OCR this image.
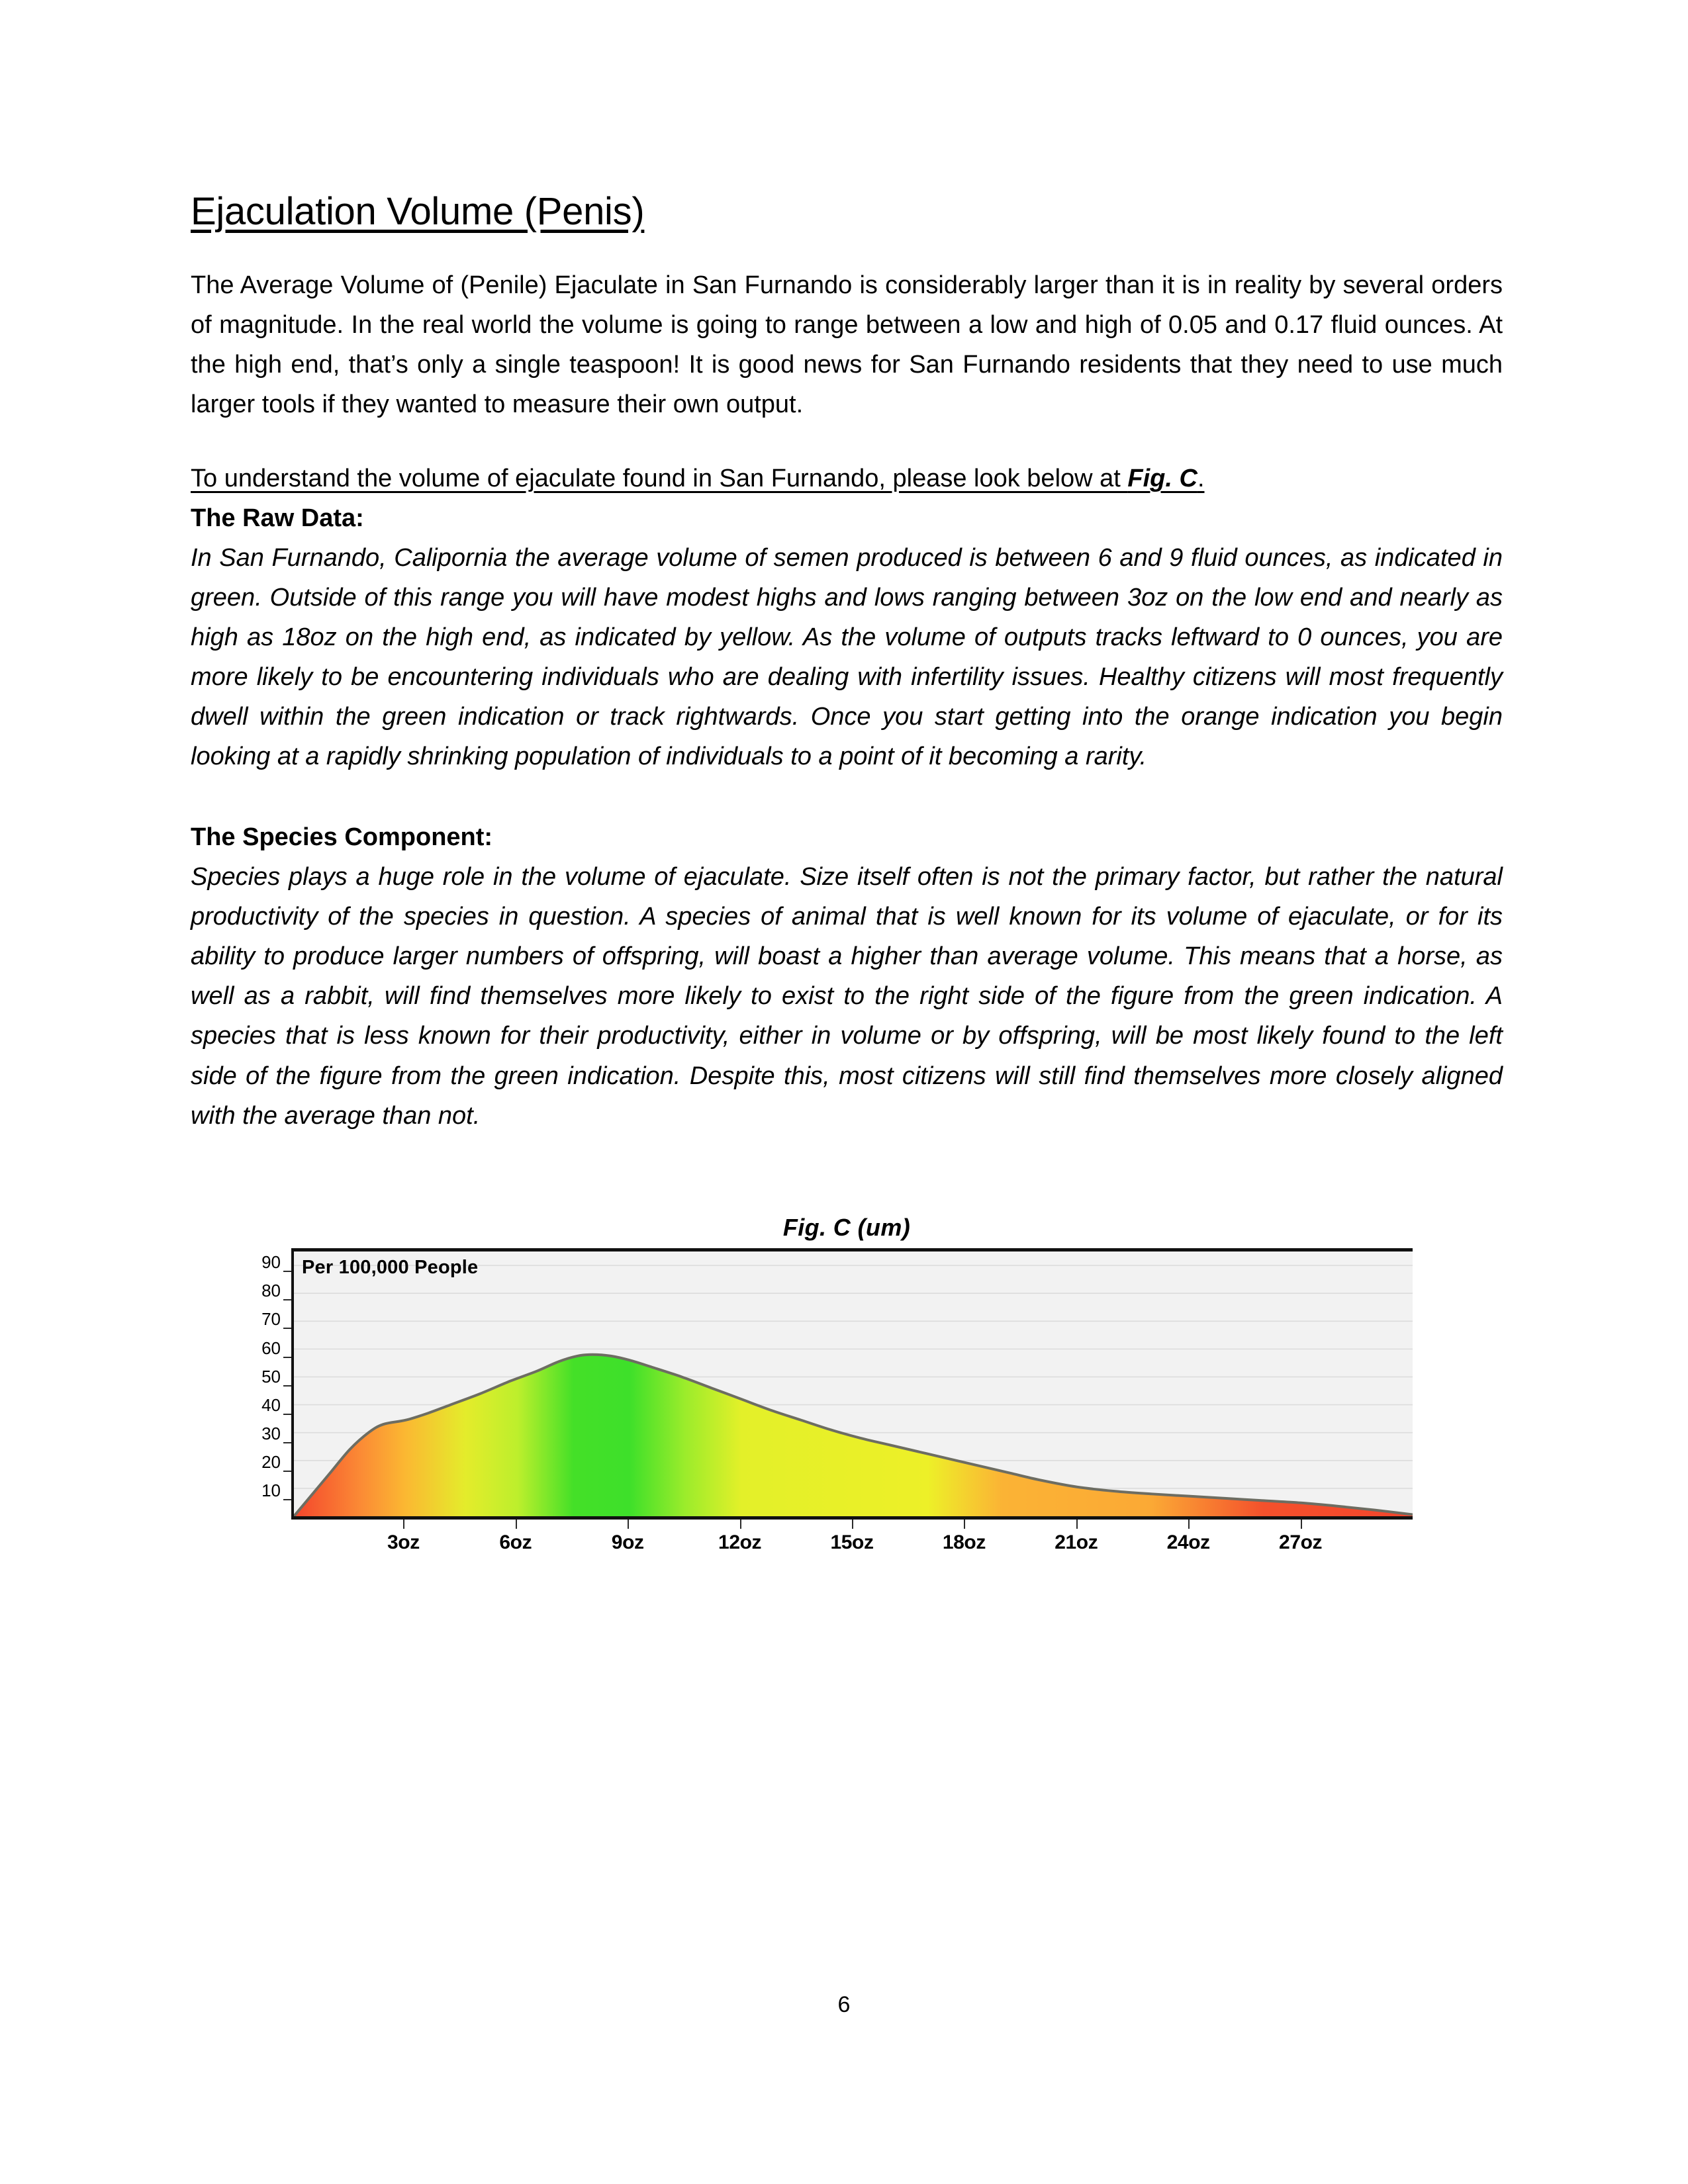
Ejaculation Volume (Penis)

The Average Volume of (Penile) Ejaculate in San Furnando is considerably larger than it is in reality by several orders of magnitude. In the real world the volume is going to range between a low and high of 0.05 and 0.17 fluid ounces. At the high end, that’s only a single teaspoon! It is good news for San Furnando residents that they need to use much larger tools if they wanted to measure their own output.

To understand the volume of ejaculate found in San Furnando, please look below at Fig. C.

The Raw Data:

In San Furnando, Calipornia the average volume of semen produced is between 6 and 9 fluid ounces, as indicated in green. Outside of this range you will have modest highs and lows ranging between 3oz on the low end and nearly as high as 18oz on the high end, as indicated by yellow. As the volume of outputs tracks leftward to 0 ounces, you are more likely to be encountering individuals who are dealing with infertility issues. Healthy citizens will most frequently dwell within the green indication or track rightwards. Once you start getting into the orange indication you begin looking at a rapidly shrinking population of individuals to a point of it becoming a rarity.

The Species Component:

Species plays a huge role in the volume of ejaculate. Size itself often is not the primary factor, but rather the natural productivity of the species in question. A species of animal that is well known for its volume of ejaculate, or for its ability to produce larger numbers of offspring, will boast a higher than average volume. This means that a horse, as well as a rabbit, will find themselves more likely to exist to the right side of the figure from the green indication. A species that is less known for their productivity, either in volume or by offspring, will be most likely found to the left side of the figure from the green indication. Despite this, most citizens will still find themselves more closely aligned with the average than not.

Fig. C (um)
10
20
30
40
50
60
70
80
90 Per 100,000 People
3oz	6oz	9oz	12oz	15oz	18oz	21oz	24oz	27oz
6
